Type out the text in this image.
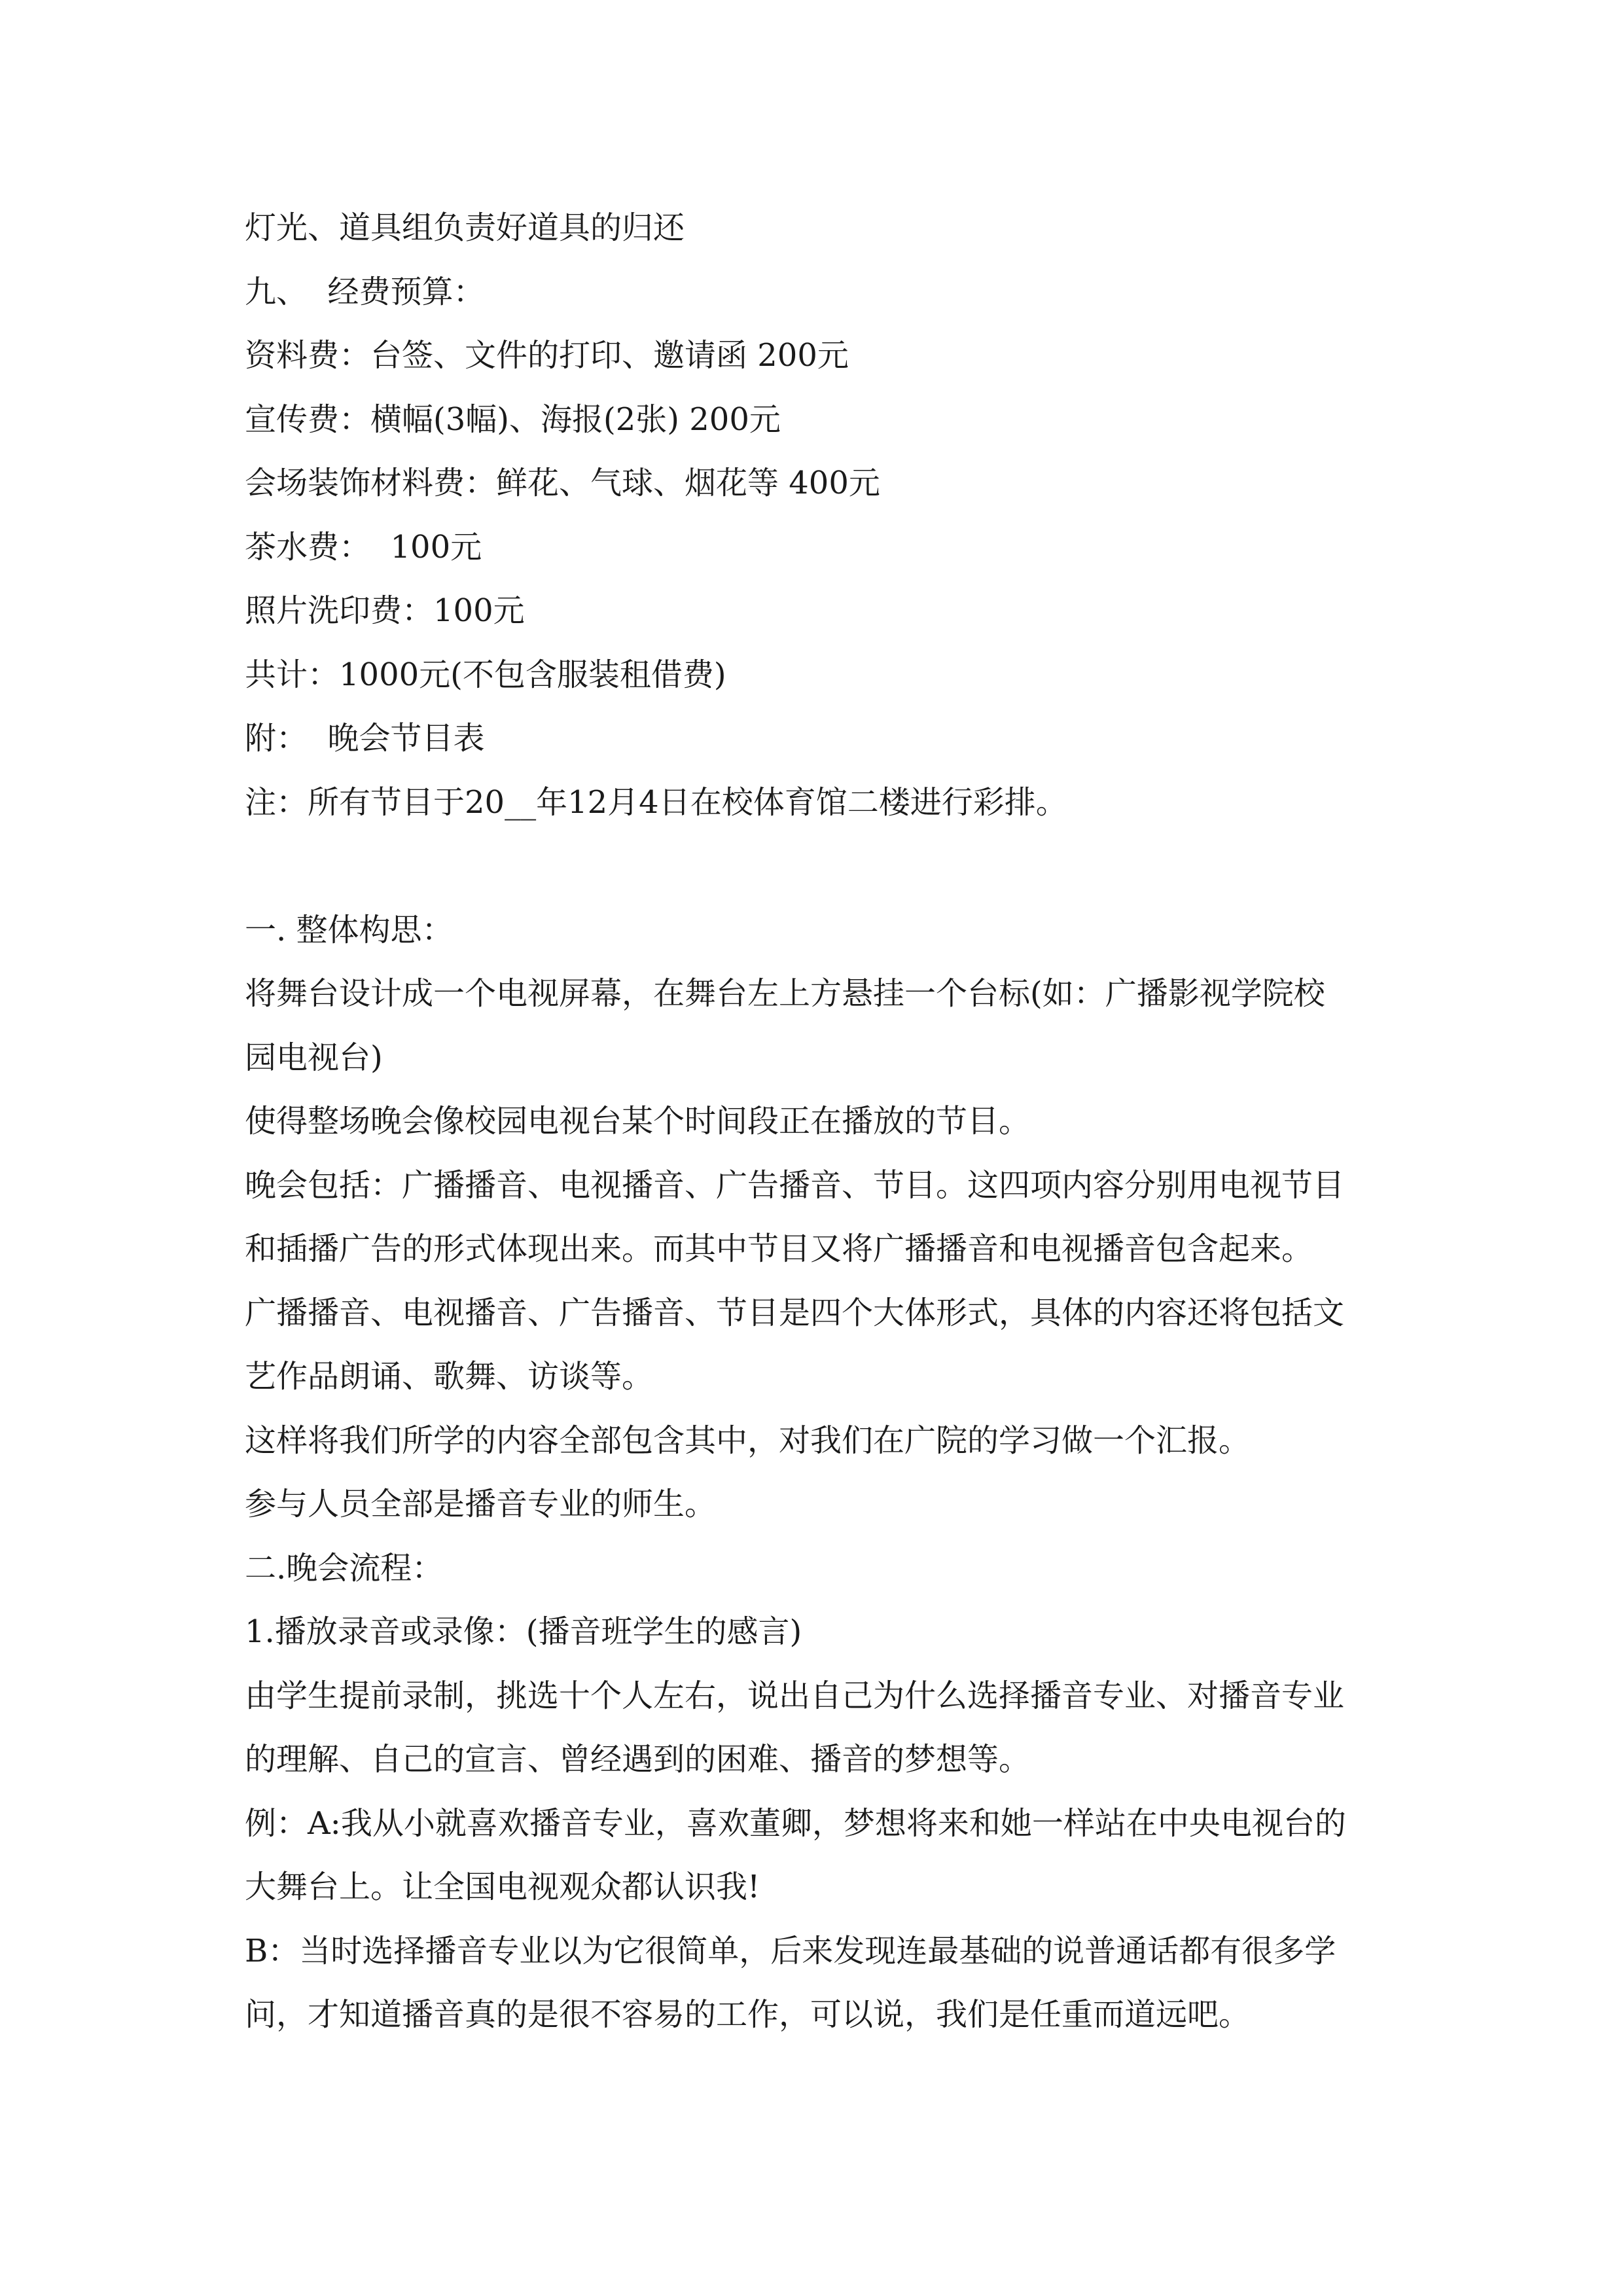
灯光、道具组负责好道具的归还
九、  经费预算：
资料费：台签、文件的打印、邀请函 200元
宣传费：横幅(3幅)、海报(2张) 200元
会场装饰材料费：鲜花、气球、烟花等 400元
茶水费：  100元
照片洗印费：100元
共计：1000元(不包含服装租借费)
附：  晚会节目表
注：所有节目于20__年12月4日在校体育馆二楼进行彩排。
一. 整体构思：
将舞台设计成一个电视屏幕，在舞台左上方悬挂一个台标(如：广播影视学院校
园电视台)
使得整场晚会像校园电视台某个时间段正在播放的节目。
晚会包括：广播播音、电视播音、广告播音、节目。这四项内容分别用电视节目
和插播广告的形式体现出来。而其中节目又将广播播音和电视播音包含起来。
广播播音、电视播音、广告播音、节目是四个大体形式，具体的内容还将包括文
艺作品朗诵、歌舞、访谈等。
这样将我们所学的内容全部包含其中，对我们在广院的学习做一个汇报。
参与人员全部是播音专业的师生。
二.晚会流程：
1.播放录音或录像：(播音班学生的感言)
由学生提前录制，挑选十个人左右，说出自己为什么选择播音专业、对播音专业
的理解、自己的宣言、曾经遇到的困难、播音的梦想等。
例：A:我从小就喜欢播音专业，喜欢董卿，梦想将来和她一样站在中央电视台的
大舞台上。让全国电视观众都认识我!
B：当时选择播音专业以为它很简单，后来发现连最基础的说普通话都有很多学
问，才知道播音真的是很不容易的工作，可以说，我们是任重而道远吧。
